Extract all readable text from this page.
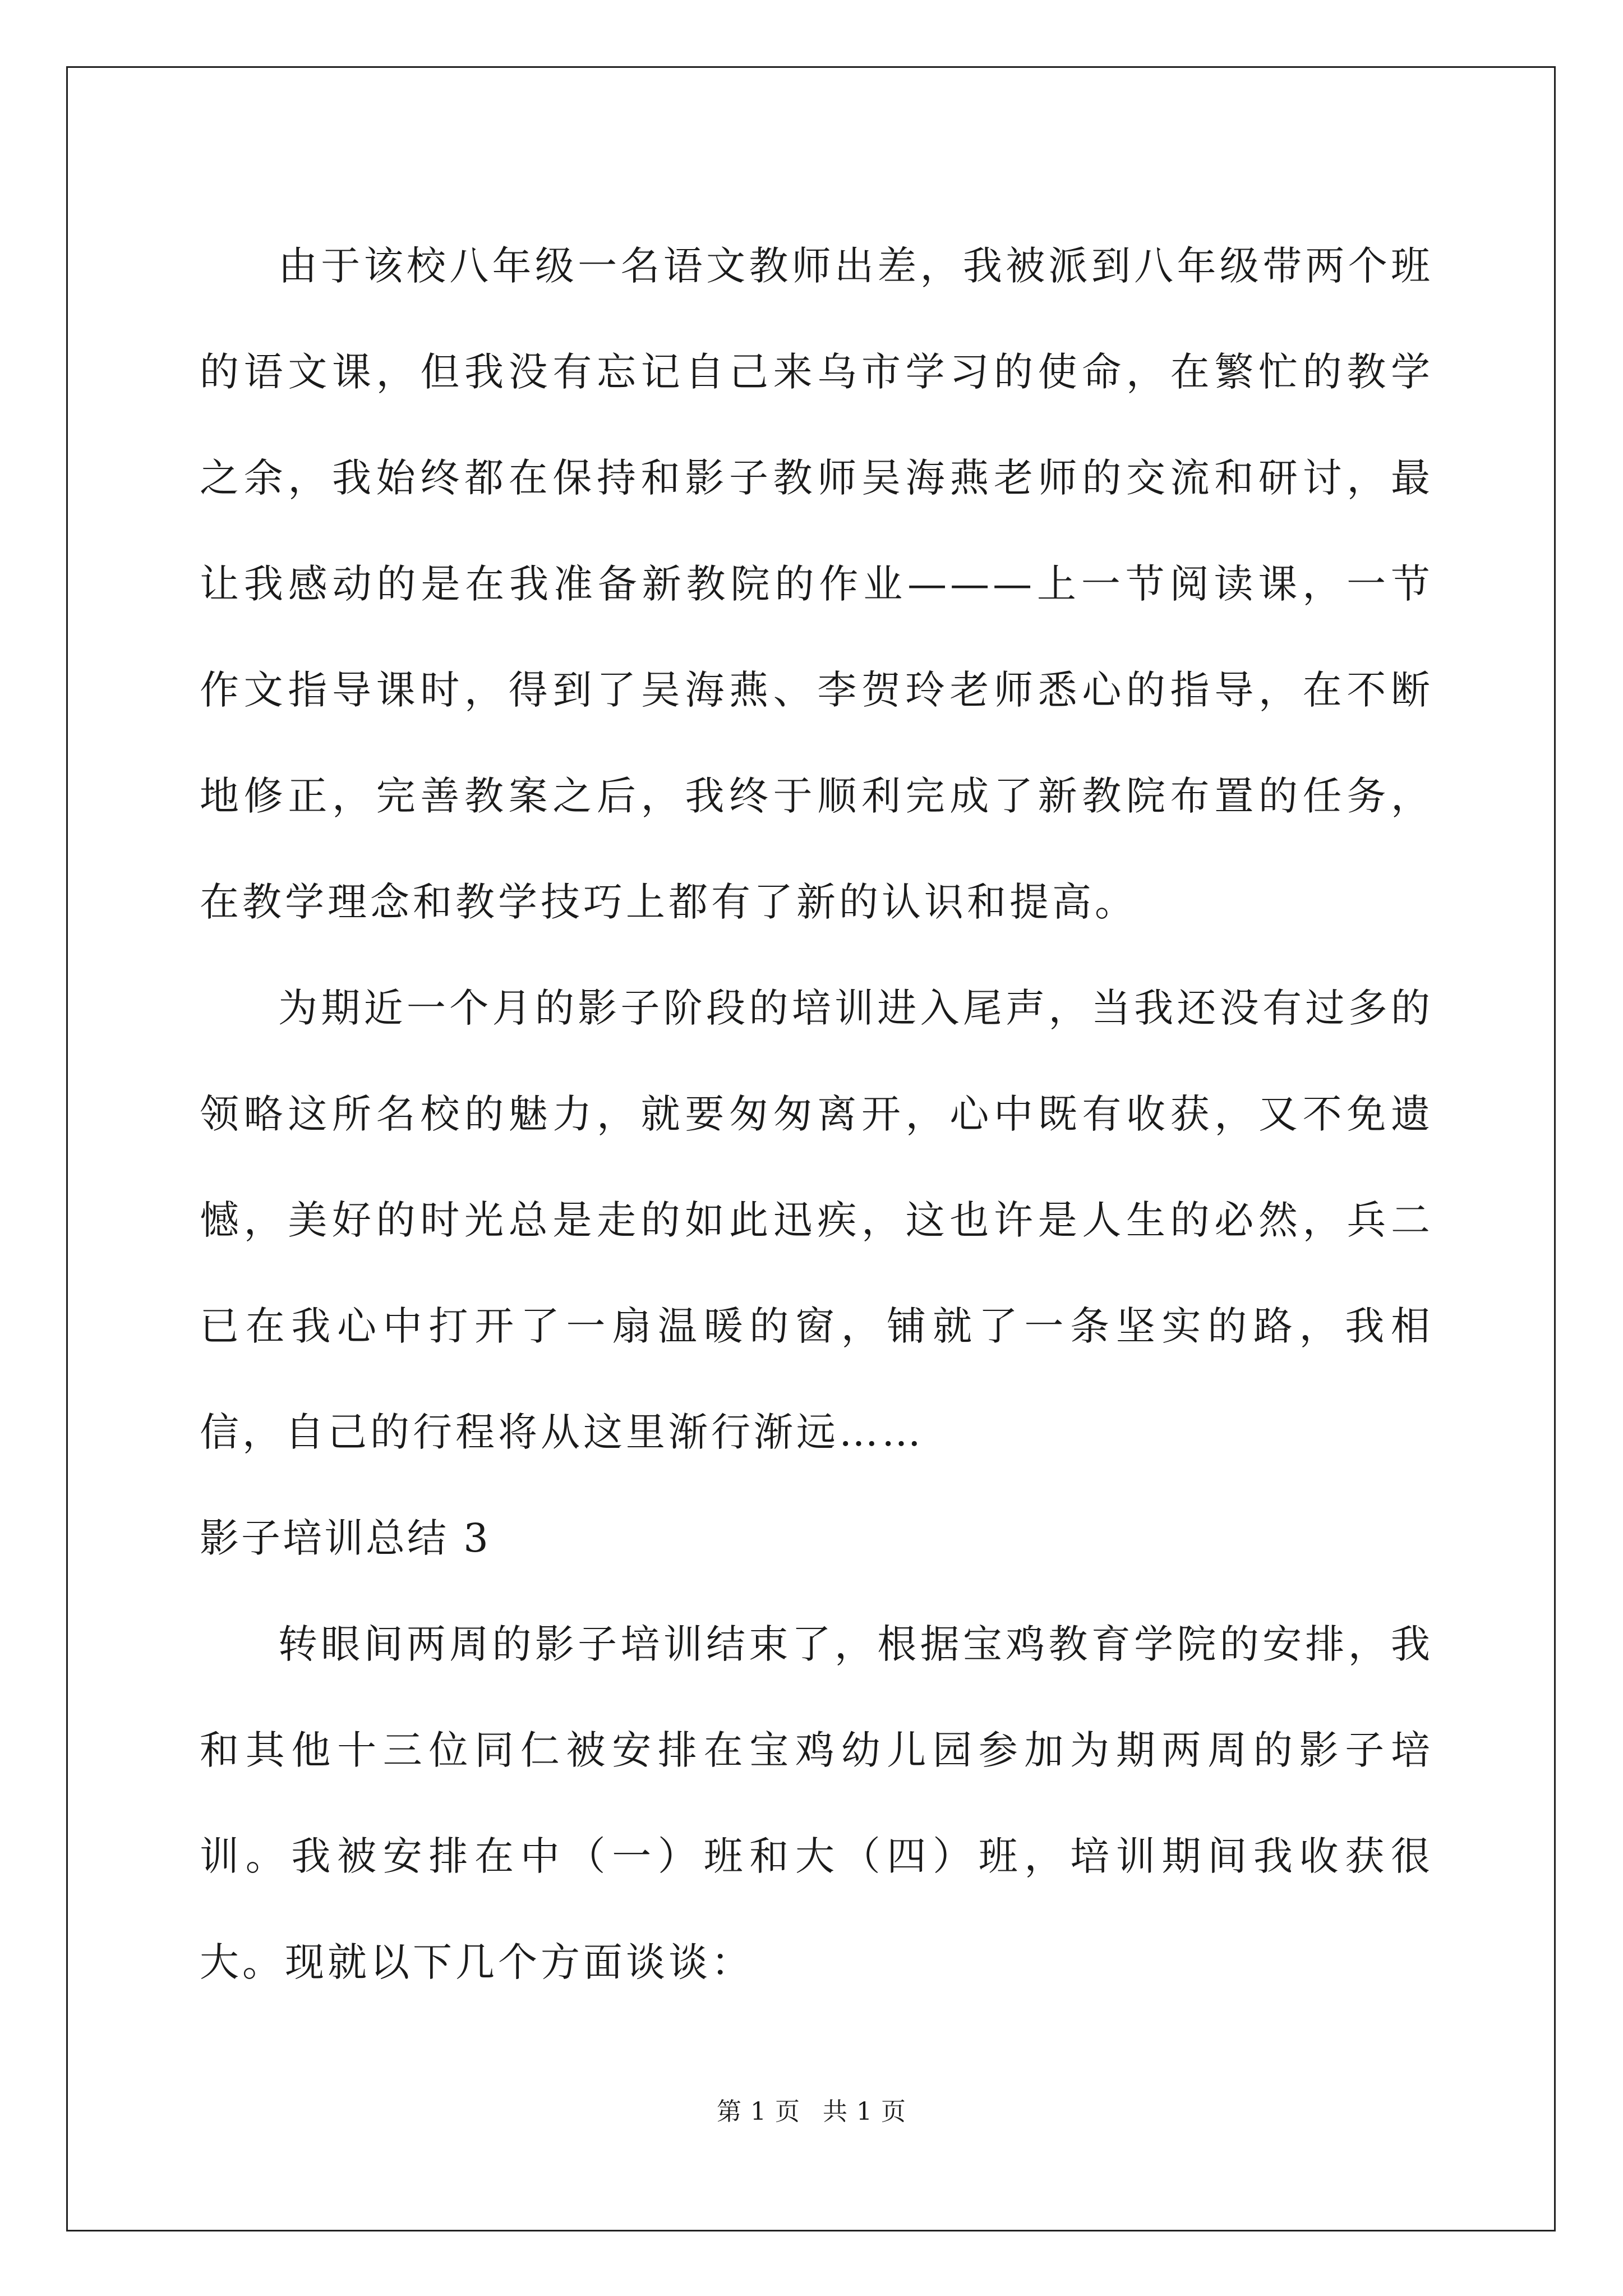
由于该校八年级一名语文教师出差，我被派到八年级带两个班的语文课，但我没有忘记自己来乌市学习的使命，在繁忙的教学之余，我始终都在保持和影子教师吴海燕老师的交流和研讨，最让我感动的是在我准备新教院的作业———上一节阅读课，一节作文指导课时，得到了吴海燕、李贺玲老师悉心的指导，在不断地修正，完善教案之后，我终于顺利完成了新教院布置的任务，在教学理念和教学技巧上都有了新的认识和提高。

为期近一个月的影子阶段的培训进入尾声，当我还没有过多的领略这所名校的魅力，就要匆匆离开，心中既有收获，又不免遗憾，美好的时光总是走的如此迅疾，这也许是人生的必然，兵二已在我心中打开了一扇温暖的窗，铺就了一条坚实的路，我相信，自己的行程将从这里渐行渐远……

影子培训总结 3

转眼间两周的影子培训结束了，根据宝鸡教育学院的安排，我和其他十三位同仁被安排在宝鸡幼儿园参加为期两周的影子培训。我被安排在中（一）班和大（四）班，培训期间我收获很大。现就以下几个方面谈谈：

第 1 页 共 1 页
